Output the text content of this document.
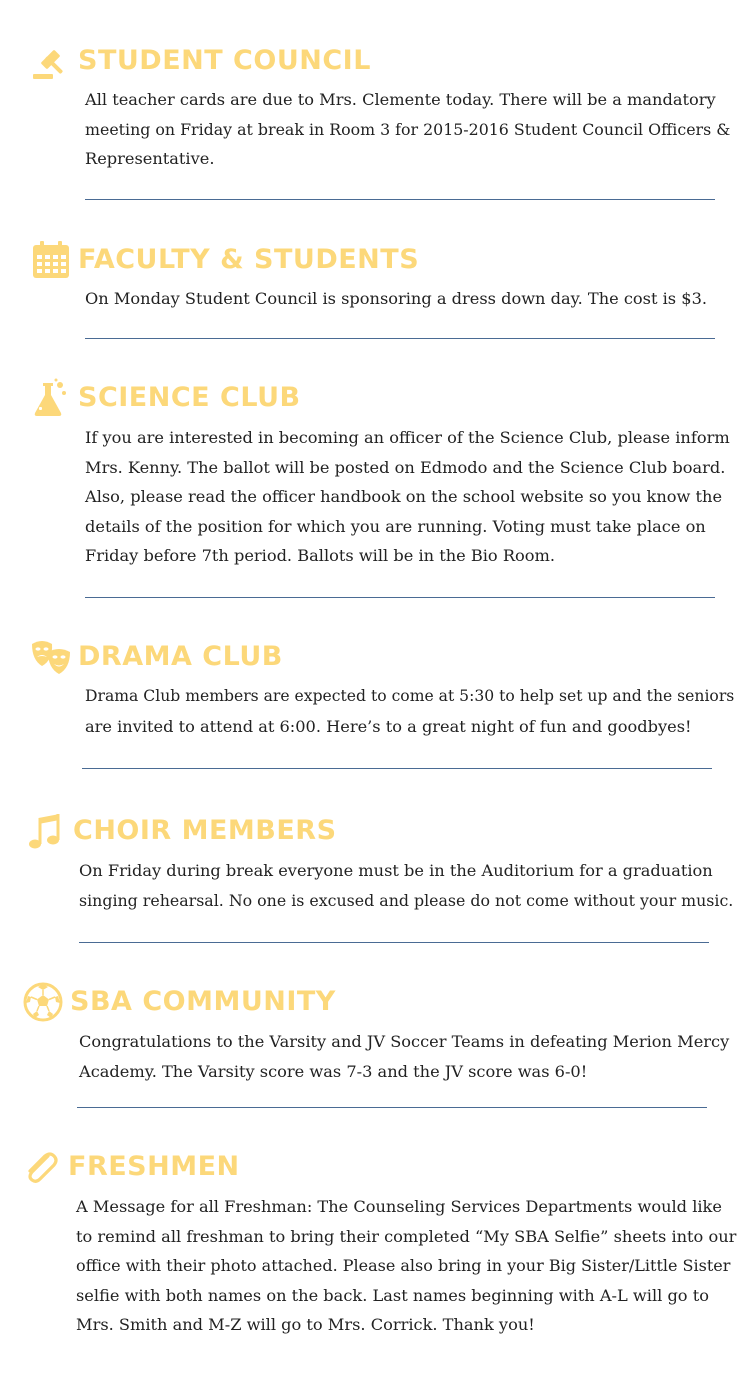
STUDENT COUNCIL
All teacher cards are due to Mrs. Clemente today. There will be a mandatory
meeting on Friday at break in Room 3 for 2015-2016 Student Council Officers &
Representative.
FACULTY & STUDENTS
On Monday Student Council is sponsoring a dress down day. The cost is $3.
SCIENCE CLUB
If you are interested in becoming an officer of the Science Club, please inform
Mrs. Kenny. The ballot will be posted on Edmodo and the Science Club board.
Also, please read the officer handbook on the school website so you know the
details of the position for which you are running. Voting must take place on
Friday before 7th period. Ballots will be in the Bio Room.
DRAMA CLUB
Drama Club members are expected to come at 5:30 to help set up and the seniors
are invited to attend at 6:00. Here’s to a great night of fun and goodbyes!
CHOIR MEMBERS
On Friday during break everyone must be in the Auditorium for a graduation
singing rehearsal. No one is excused and please do not come without your music.
SBA COMMUNITY
Congratulations to the Varsity and JV Soccer Teams in defeating Merion Mercy
Academy. The Varsity score was 7-3 and the JV score was 6-0!
FRESHMEN
A Message for all Freshman: The Counseling Services Departments would like
to remind all freshman to bring their completed “My SBA Selfie” sheets into our
office with their photo attached. Please also bring in your Big Sister/Little Sister
selfie with both names on the back. Last names beginning with A-L will go to
Mrs. Smith and M-Z will go to Mrs. Corrick. Thank you!
